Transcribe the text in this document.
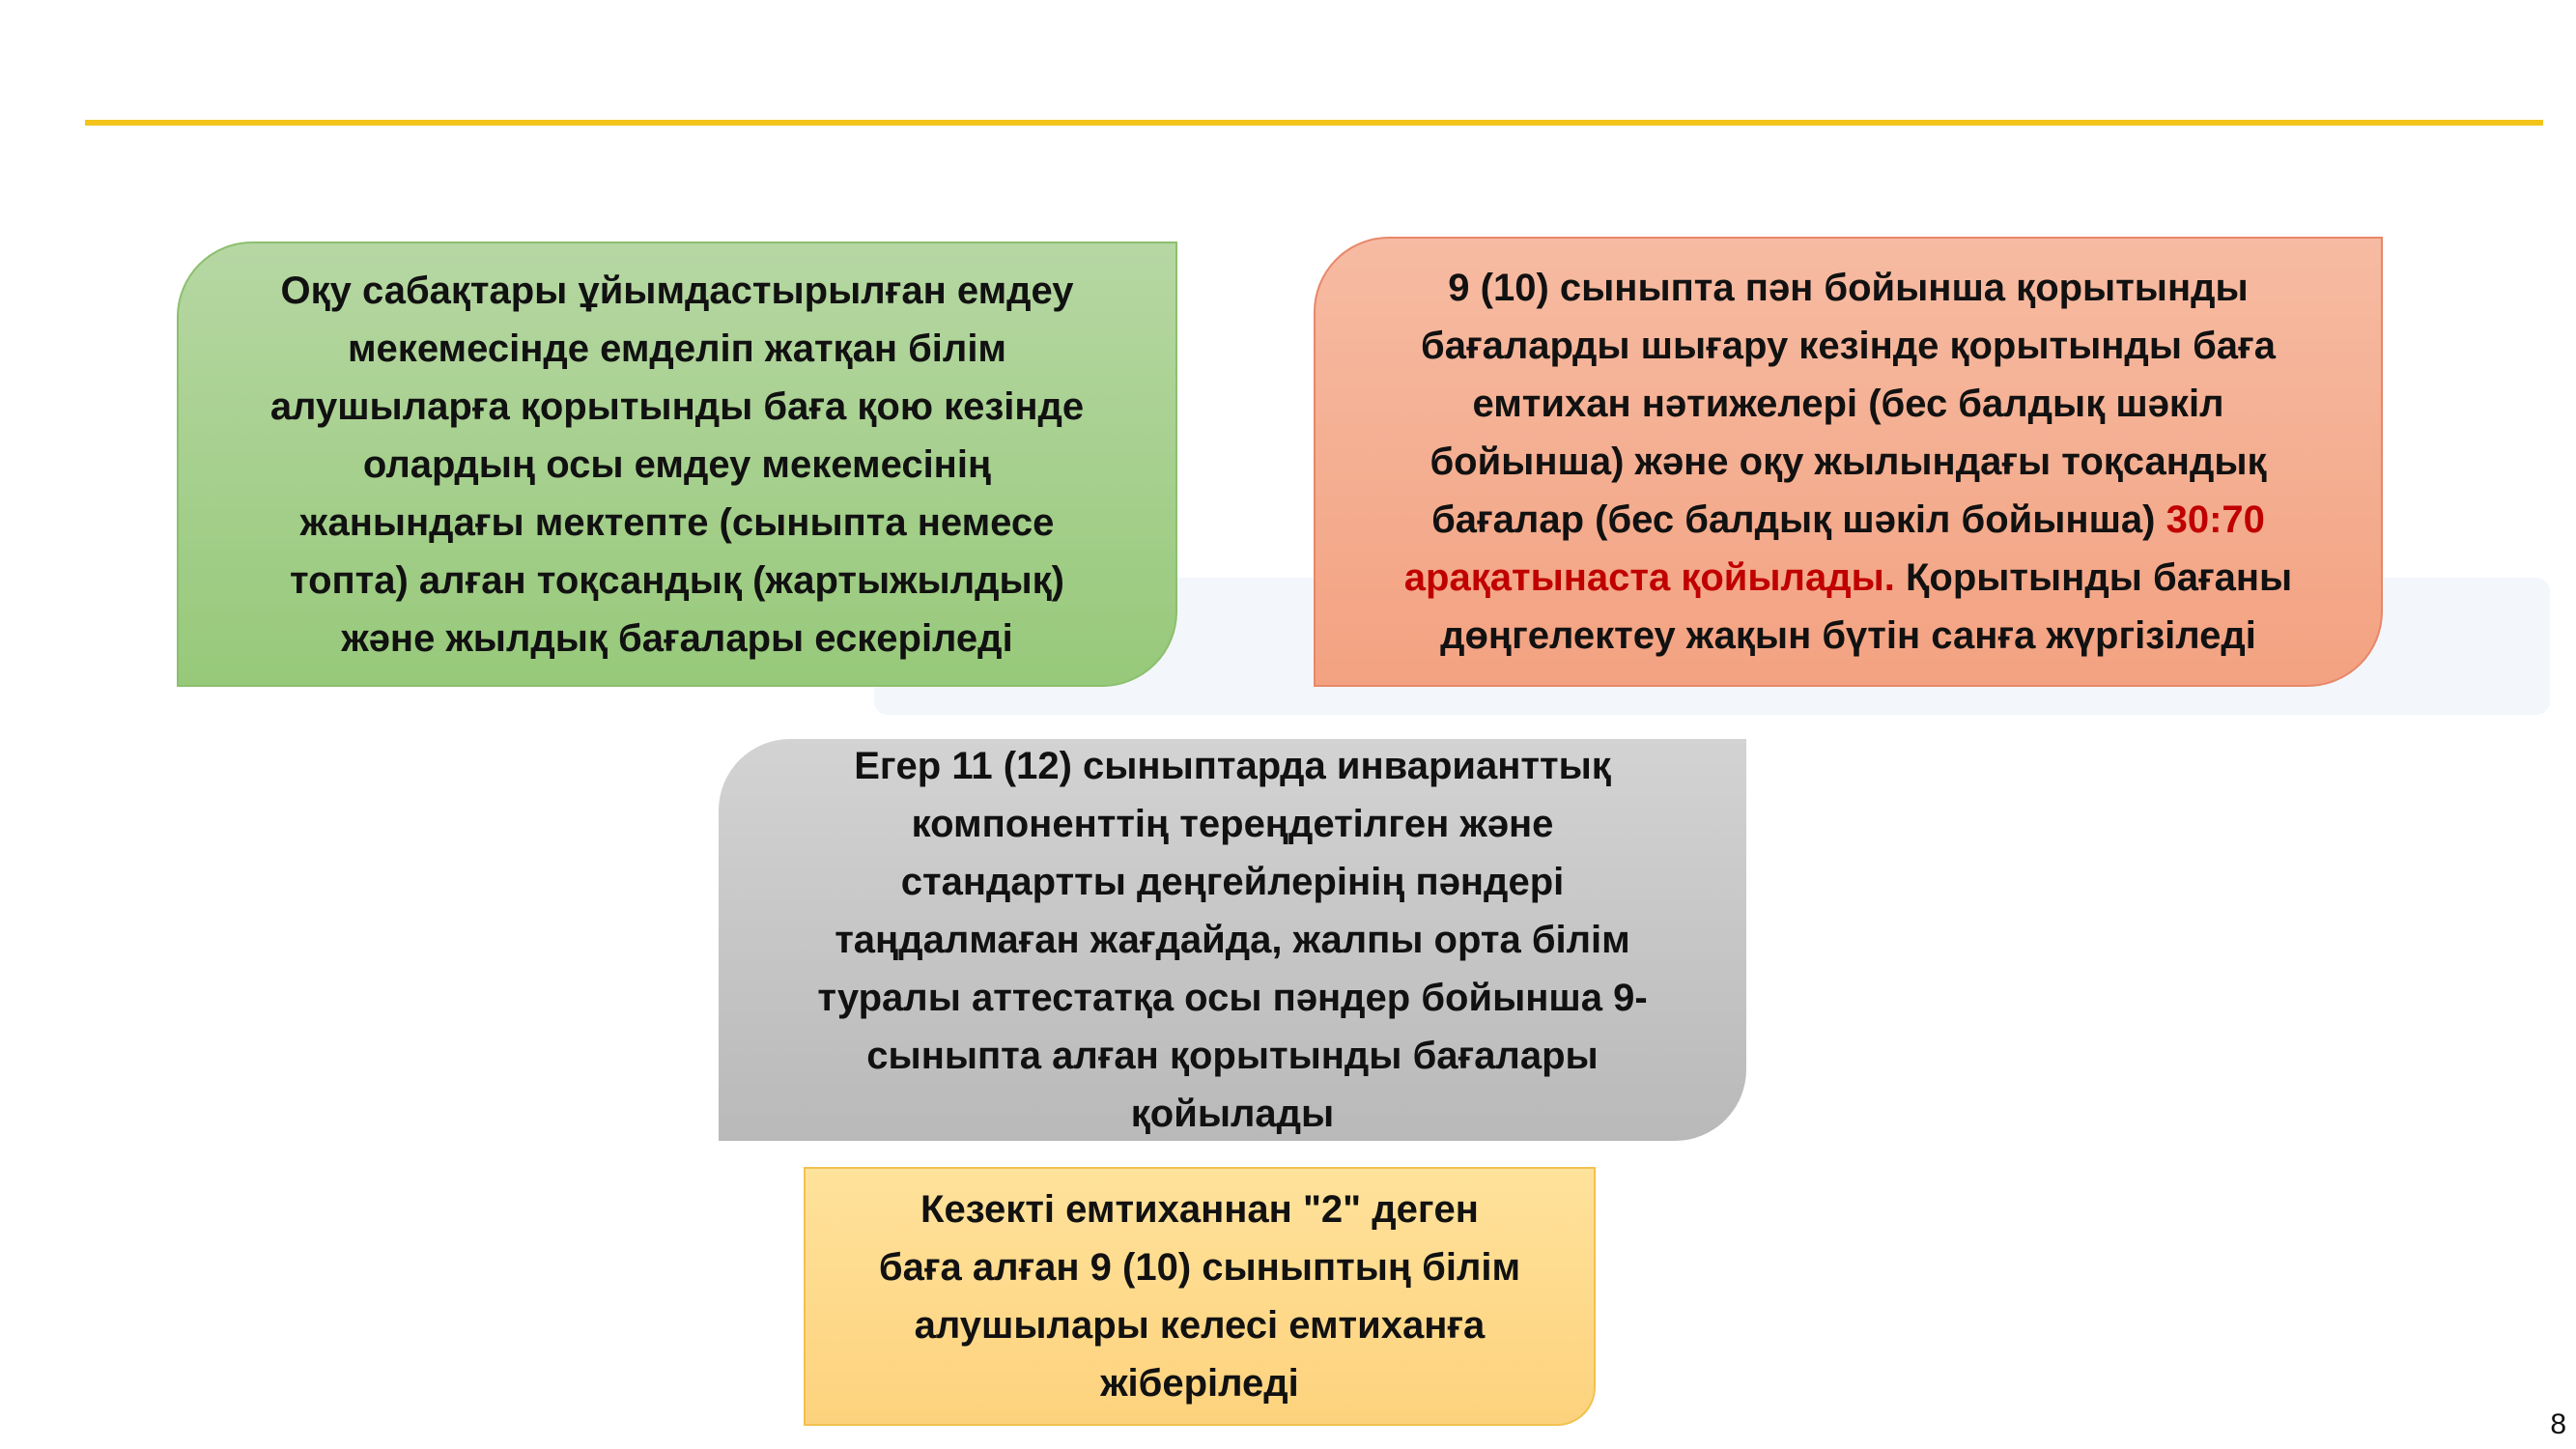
Оқу сабақтары ұйымдастырылған емдеу
мекемесінде емделіп жатқан білім
алушыларға қорытынды баға қою кезінде
олардың осы емдеу мекемесінің
жанындағы мектепте (сыныпта немесе
топта) алған тоқсандық (жартыжылдық)
және жылдық бағалары ескеріледі
9 (10) сыныпта пән бойынша қорытынды
бағаларды шығару кезінде қорытынды баға
емтихан нәтижелері (бес балдық шәкіл
бойынша) және оқу жылындағы тоқсандық
бағалар (бес балдық шәкіл бойынша) 30:70
арақатынаста қойылады. Қорытынды бағаны
дөңгелектеу жақын бүтін санға жүргізіледі
Егер 11 (12) сыныптарда инварианттық
компоненттің тереңдетілген және
стандартты деңгейлерінің пәндері
таңдалмаған жағдайда, жалпы орта білім
туралы аттестатқа осы пәндер бойынша 9-
сыныпта алған қорытынды бағалары
қойылады
Кезекті емтиханнан "2" деген
баға алған 9 (10) сыныптың білім
алушылары келесі емтиханға
жіберіледі
8
